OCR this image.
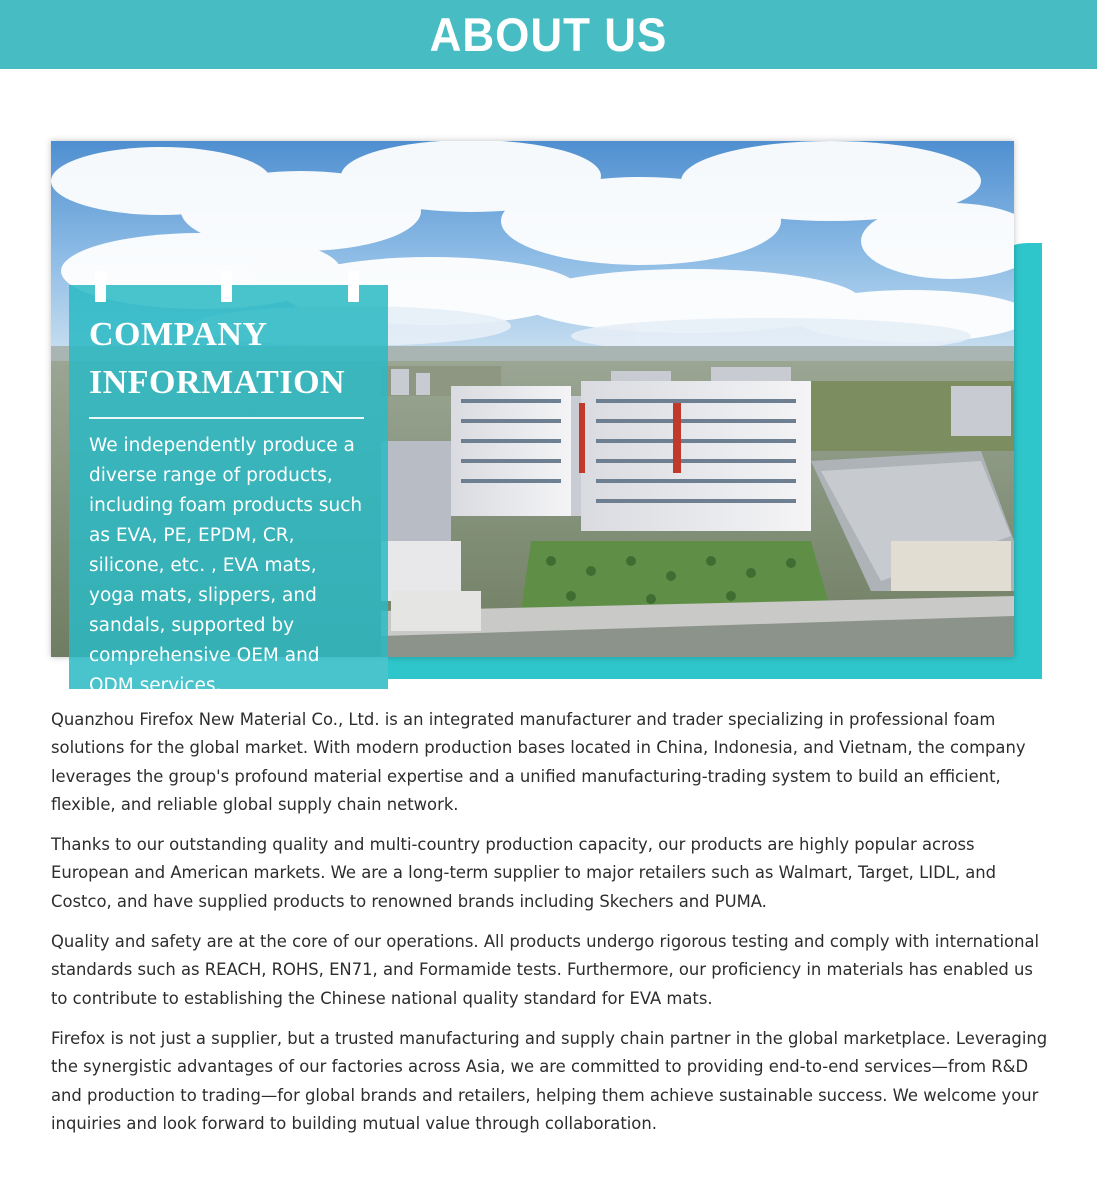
ABOUT US
COMPANY
INFORMATION

We independently produce a diverse range of products, including foam products such as EVA, PE, EPDM, CR, silicone, etc. , EVA mats, yoga mats, slippers, and sandals, supported by comprehensive OEM and ODM services.

Quanzhou Firefox New Material Co., Ltd. is an integrated manufacturer and trader specializing in professional foam solutions for the global market. With modern production bases located in China, Indonesia, and Vietnam, the company leverages the group's profound material expertise and a unified manufacturing-trading system to build an efficient, flexible, and reliable global supply chain network.

Thanks to our outstanding quality and multi-country production capacity, our products are highly popular across European and American markets. We are a long-term supplier to major retailers such as Walmart, Target, LIDL, and Costco, and have supplied products to renowned brands including Skechers and PUMA.

Quality and safety are at the core of our operations. All products undergo rigorous testing and comply with international standards such as REACH, ROHS, EN71, and Formamide tests. Furthermore, our proficiency in materials has enabled us to contribute to establishing the Chinese national quality standard for EVA mats.

Firefox is not just a supplier, but a trusted manufacturing and supply chain partner in the global marketplace. Leveraging the synergistic advantages of our factories across Asia, we are committed to providing end-to-end services—from R&D and production to trading—for global brands and retailers, helping them achieve sustainable success. We welcome your inquiries and look forward to building mutual value through collaboration.
